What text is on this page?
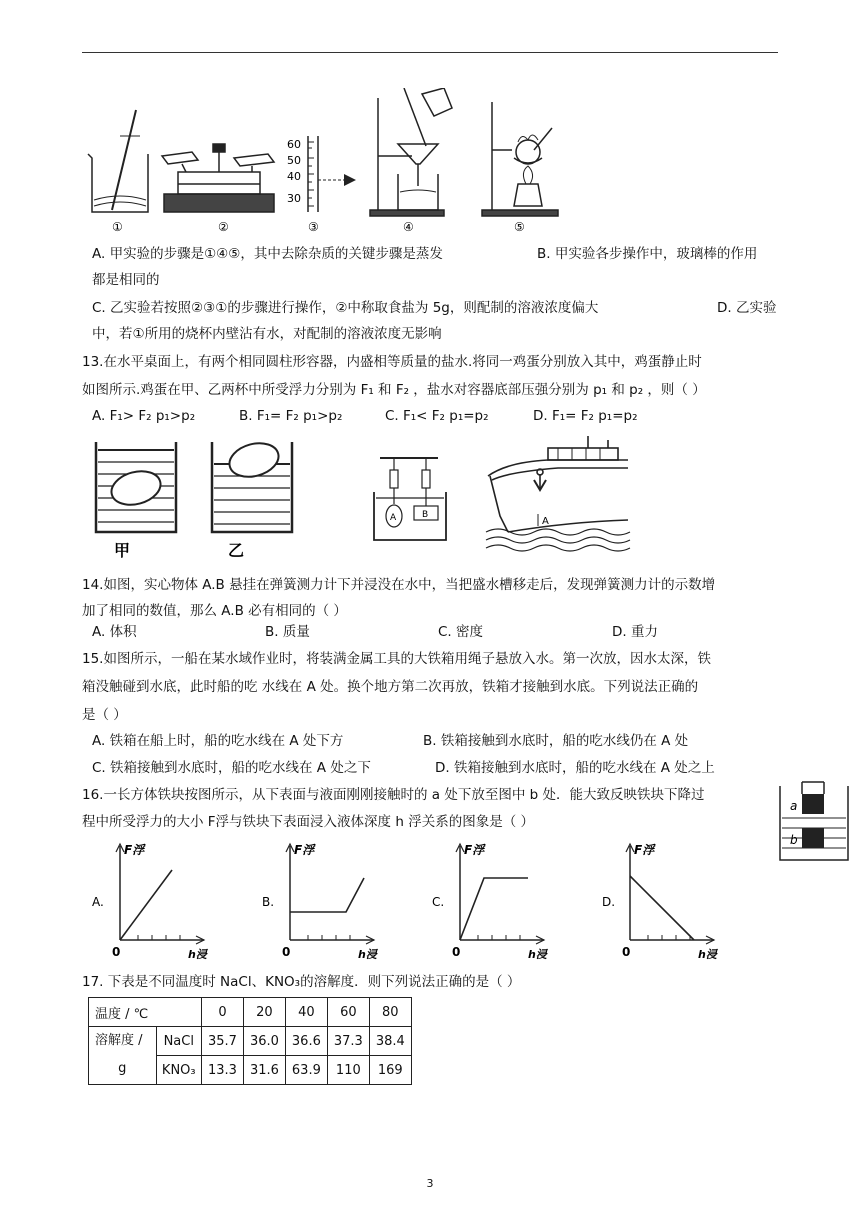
60
50
40
30
①	②	③	④	⑤
A. 甲实验的步骤是①④⑤，其中去除杂质的关键步骤是蒸发	B. 甲实验各步操作中，玻璃棒的作用
都是相同的
C. 乙实验若按照②③①的步骤进行操作，②中称取食盐为 5g，则配制的溶液浓度偏大	D. 乙实验
中，若①所用的烧杯内壁沾有水，对配制的溶液浓度无影响
13.在水平桌面上，有两个相同圆柱形容器，内盛相等质量的盐水.将同一鸡蛋分别放入其中，鸡蛋静止时
如图所示.鸡蛋在甲、乙两杯中所受浮力分别为 F₁ 和 F₂ ，盐水对容器底部压强分别为 p₁ 和 p₂ ，则（ ）
A. F₁> F₂ p₁>p₂	B. F₁= F₂ p₁>p₂	C. F₁< F₂ p₁=p₂	D. F₁= F₂ p₁=p₂
甲	乙
A	B
A
14.如图，实心物体 A.B 悬挂在弹簧测力计下并浸没在水中，当把盛水槽移走后，发现弹簧测力计的示数增
加了相同的数值，那么 A.B 必有相同的（ ）
A. 体积	B. 质量	C. 密度	D. 重力
15.如图所示，一船在某水域作业时，将装满金属工具的大铁箱用绳子悬放入水。第一次放，因水太深，铁
箱没触碰到水底，此时船的吃 水线在 A 处。换个地方第二次再放，铁箱才接触到水底。下列说法正确的
是（ ）
A. 铁箱在船上时，船的吃水线在 A 处下方	B. 铁箱接触到水底时，船的吃水线仍在 A 处
C. 铁箱接触到水底时，船的吃水线在 A 处之下	D. 铁箱接触到水底时，船的吃水线在 A 处之上
16.一长方体铁块按图所示，从下表面与液面刚刚接触时的 a 处下放至图中 b 处．能大致反映铁块下降过
程中所受浮力的大小 F浮与铁块下表面浸入液体深度 h 浮关系的图象是（ ）
a
b
A.
F浮
h浸
0
B.
F浮
h浸
0
C.
F浮
h浸
0
D.
F浮
h浸
0
17. 下表是不同温度时 NaCl、KNO₃的溶解度．则下列说法正确的是（ ）
温度 / ℃		0	20	40	60	80

溶解度 /
g	NaCl	35.7	36.0	36.6	37.3	38.4
	KNO₃	13.3	31.6	63.9	110	169
3
